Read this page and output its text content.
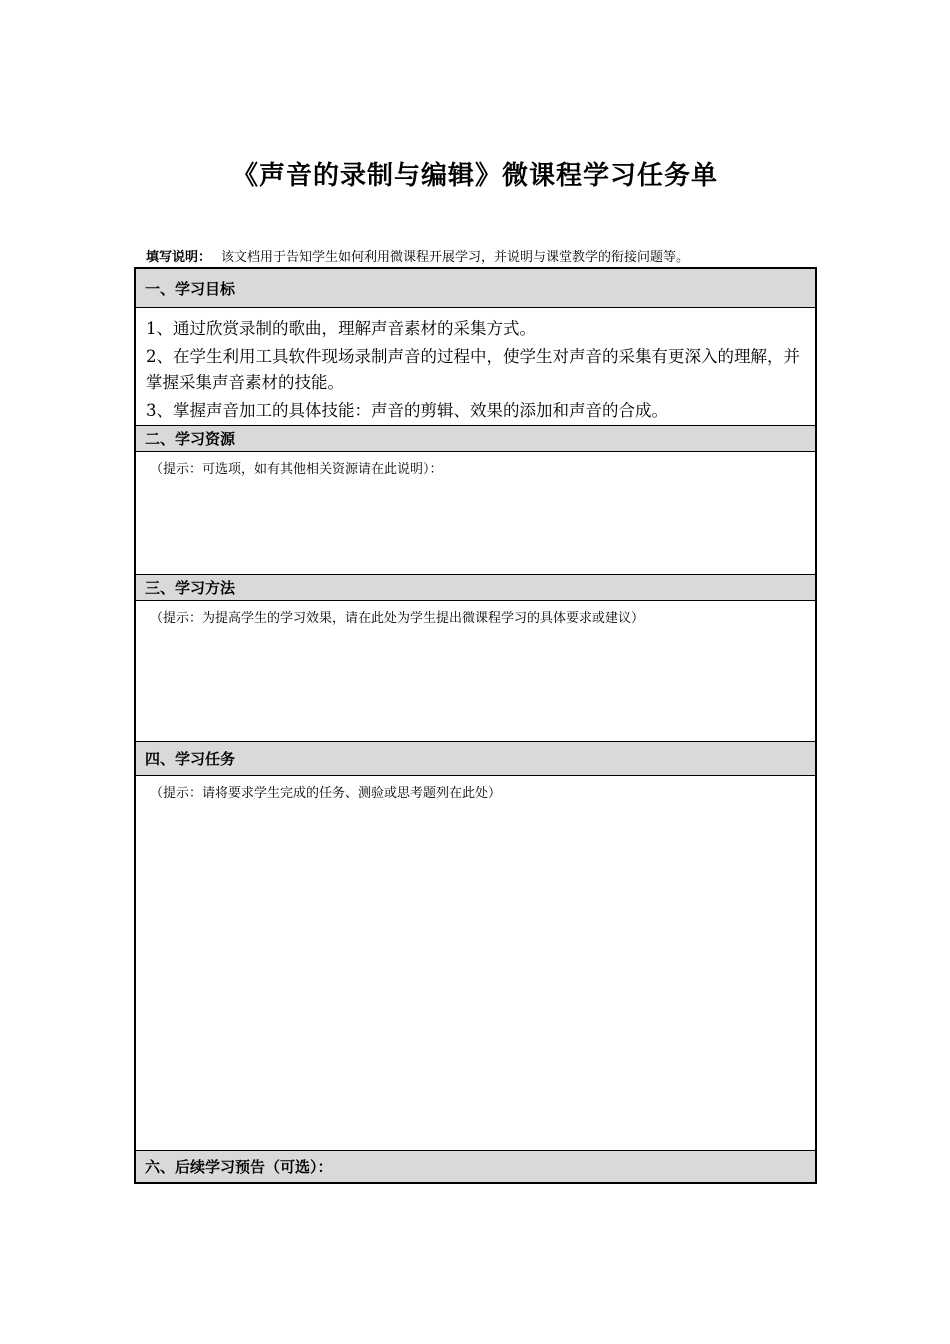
《声音的录制与编辑》微课程学习任务单
填写说明： 该文档用于告知学生如何利用微课程开展学习，并说明与课堂教学的衔接问题等。
一、学习目标

1、通过欣赏录制的歌曲，理解声音素材的采集方式。

2、在学生利用工具软件现场录制声音的过程中，使学生对声音的采集有更深入的理解，并掌握采集声音素材的技能。

3、掌握声音加工的具体技能：声音的剪辑、效果的添加和声音的合成。

二、学习资源
（提示：可选项，如有其他相关资源请在此说明）：
三、学习方法
（提示：为提高学生的学习效果，请在此处为学生提出微课程学习的具体要求或建议）
四、学习任务
（提示：请将要求学生完成的任务、测验或思考题列在此处）
六、后续学习预告（可选）：
